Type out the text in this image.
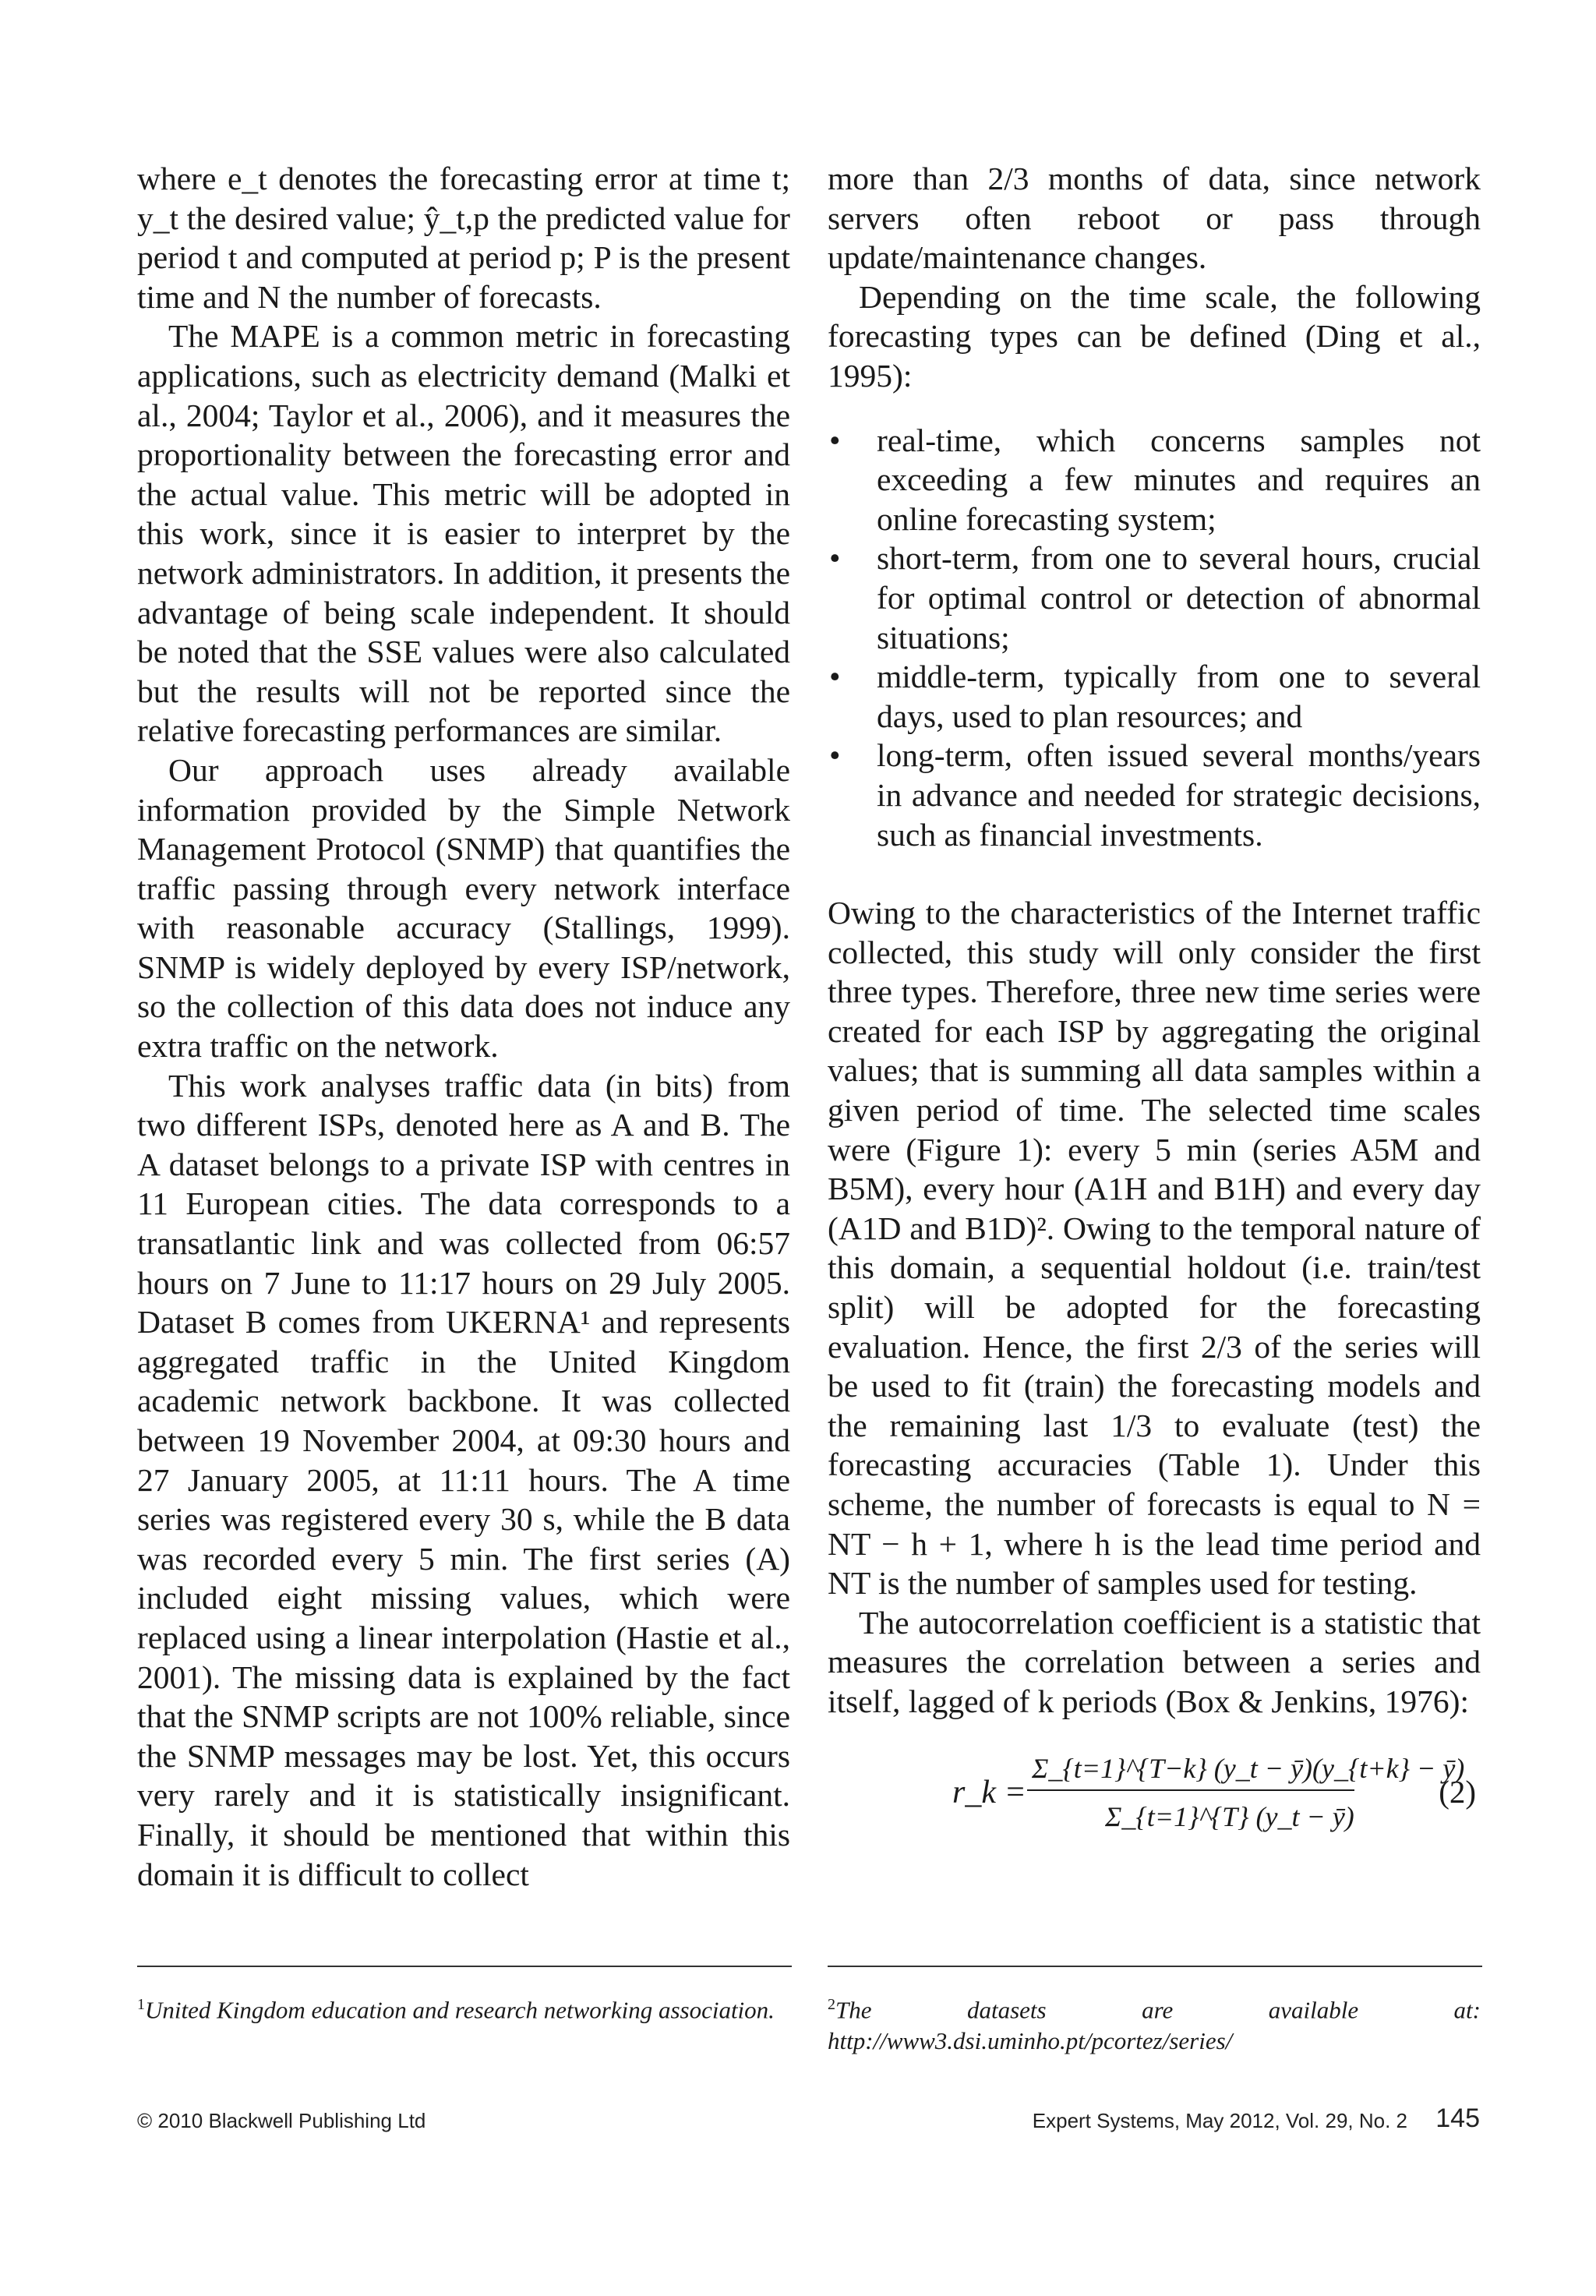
where e_t denotes the forecasting error at time t; y_t the desired value; ŷ_t,p the predicted value for period t and computed at period p; P is the present time and N the number of forecasts.

The MAPE is a common metric in forecasting applications, such as electricity demand (Malki et al., 2004; Taylor et al., 2006), and it measures the proportionality between the forecasting error and the actual value. This metric will be adopted in this work, since it is easier to interpret by the network administrators. In addition, it presents the advantage of being scale independent. It should be noted that the SSE values were also calculated but the results will not be reported since the relative forecasting performances are similar.

Our approach uses already available information provided by the Simple Network Management Protocol (SNMP) that quantifies the traffic passing through every network interface with reasonable accuracy (Stallings, 1999). SNMP is widely deployed by every ISP/network, so the collection of this data does not induce any extra traffic on the network.

This work analyses traffic data (in bits) from two different ISPs, denoted here as A and B. The A dataset belongs to a private ISP with centres in 11 European cities. The data corresponds to a transatlantic link and was collected from 06:57 hours on 7 June to 11:17 hours on 29 July 2005. Dataset B comes from UKERNA¹ and represents aggregated traffic in the United Kingdom academic network backbone. It was collected between 19 November 2004, at 09:30 hours and 27 January 2005, at 11:11 hours. The A time series was registered every 30 s, while the B data was recorded every 5 min. The first series (A) included eight missing values, which were replaced using a linear interpolation (Hastie et al., 2001). The missing data is explained by the fact that the SNMP scripts are not 100% reliable, since the SNMP messages may be lost. Yet, this occurs very rarely and it is statistically insignificant. Finally, it should be mentioned that within this domain it is difficult to collect

more than 2/3 months of data, since network servers often reboot or pass through update/maintenance changes.

Depending on the time scale, the following forecasting types can be defined (Ding et al., 1995):

• real-time, which concerns samples not exceeding a few minutes and requires an online forecasting system;
• short-term, from one to several hours, crucial for optimal control or detection of abnormal situations;
• middle-term, typically from one to several days, used to plan resources; and
• long-term, often issued several months/years in advance and needed for strategic decisions, such as financial investments.

Owing to the characteristics of the Internet traffic collected, this study will only consider the first three types. Therefore, three new time series were created for each ISP by aggregating the original values; that is summing all data samples within a given period of time. The selected time scales were (Figure 1): every 5 min (series A5M and B5M), every hour (A1H and B1H) and every day (A1D and B1D)². Owing to the temporal nature of this domain, a sequential holdout (i.e. train/test split) will be adopted for the forecasting evaluation. Hence, the first 2/3 of the series will be used to fit (train) the forecasting models and the remaining last 1/3 to evaluate (test) the forecasting accuracies (Table 1). Under this scheme, the number of forecasts is equal to N = NT − h + 1, where h is the lead time period and NT is the number of samples used for testing.

The autocorrelation coefficient is a statistic that measures the correlation between a series and itself, lagged of k periods (Box & Jenkins, 1976):

r_k =
Σ_{t=1}^{T−k} (y_t − ȳ)(y_{t+k} − ȳ)
Σ_{t=1}^{T} (y_t − ȳ)
(2)
$^1$United Kingdom education and research networking association.	$^2$The datasets are available at: http://www3.dsi.uminho.pt/pcortez/series/
© 2010 Blackwell Publishing Ltd	Expert Systems, May 2012, Vol. 29, No. 2 145
